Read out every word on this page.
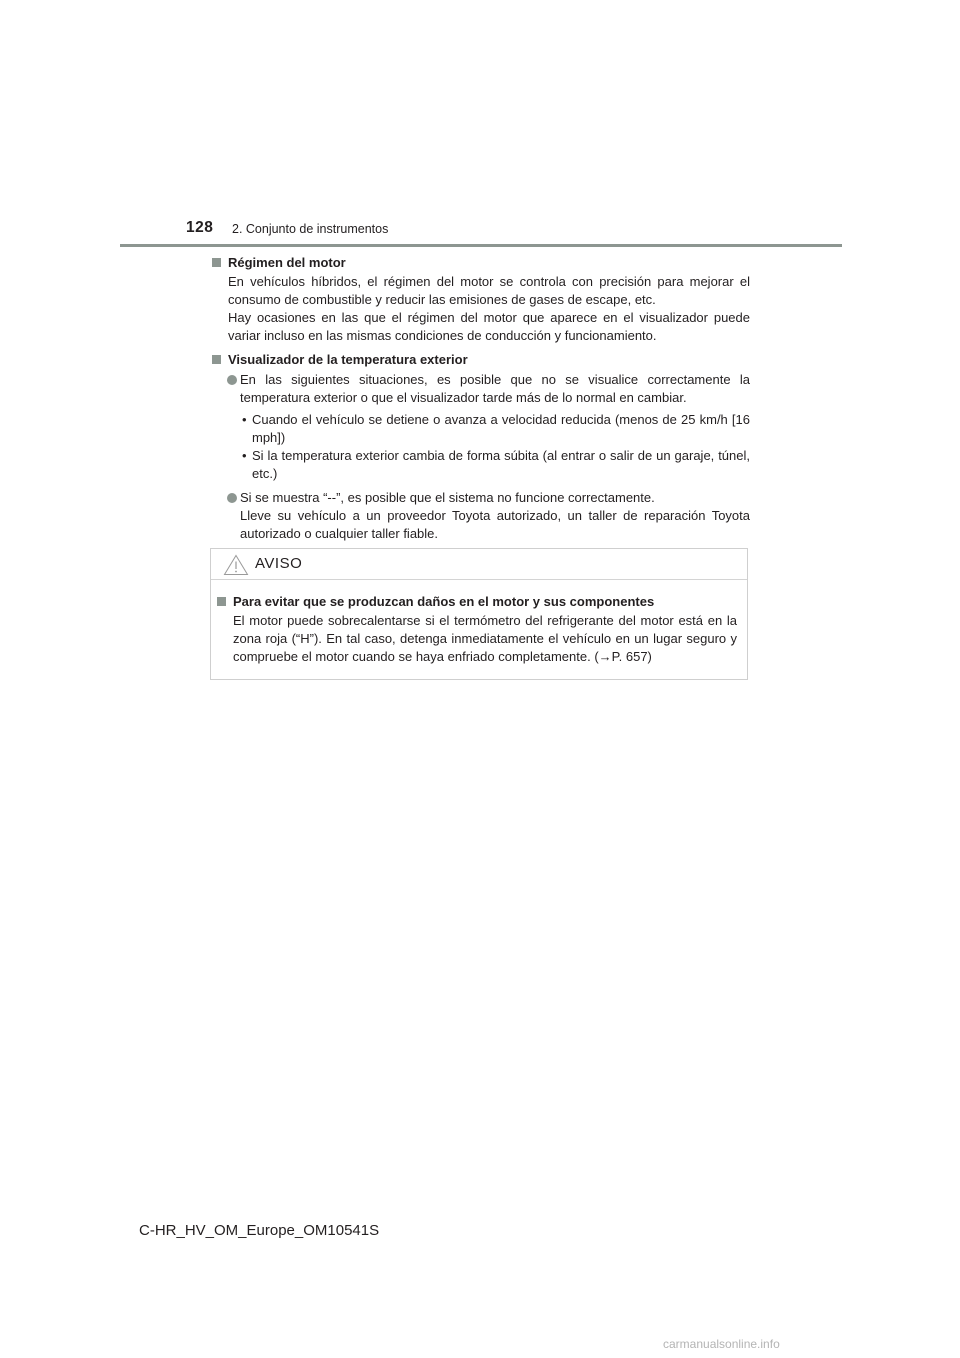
128 2. Conjunto de instrumentos
Régimen del motor
En vehículos híbridos, el régimen del motor se controla con precisión para mejorar el consumo de combustible y reducir las emisiones de gases de escape, etc.
Hay ocasiones en las que el régimen del motor que aparece en el visualizador puede variar incluso en las mismas condiciones de conducción y funcionamiento.
Visualizador de la temperatura exterior
En las siguientes situaciones, es posible que no se visualice correctamente la temperatura exterior o que el visualizador tarde más de lo normal en cambiar.
• Cuando el vehículo se detiene o avanza a velocidad reducida (menos de 25 km/h [16 mph])
• Si la temperatura exterior cambia de forma súbita (al entrar o salir de un garaje, túnel, etc.)
Si se muestra “--”, es posible que el sistema no funcione correctamente.
Lleve su vehículo a un proveedor Toyota autorizado, un taller de reparación Toyota autorizado o cualquier taller fiable.
AVISO
Para evitar que se produzcan daños en el motor y sus componentes
El motor puede sobrecalentarse si el termómetro del refrigerante del motor está en la zona roja (“H”). En tal caso, detenga inmediatamente el vehículo en un lugar seguro y compruebe el motor cuando se haya enfriado completamente. (→P. 657)
C-HR_HV_OM_Europe_OM10541S
carmanualsonline.info
